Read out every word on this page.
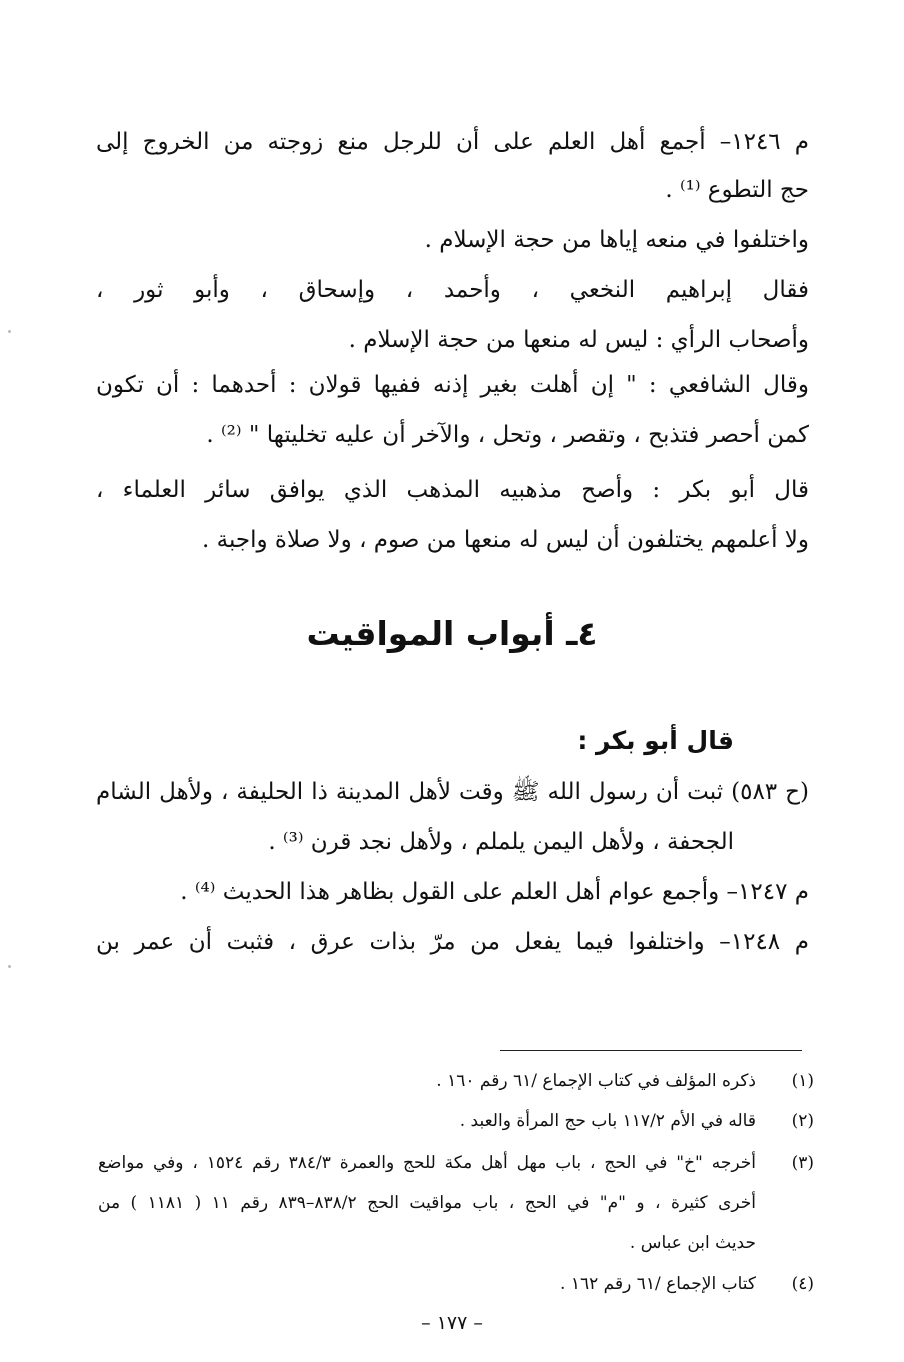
م ١٢٤٦– أجمع أهل العلم على أن للرجل منع زوجته من الخروج إلى
حج التطوع ⁽¹⁾ .
واختلفوا في منعه إياها من حجة الإسلام .
فقال إبراهيم النخعي ، وأحمد ، وإسحاق ، وأبو ثور ،
وأصحاب الرأي : ليس له منعها من حجة الإسلام .
وقال الشافعي : " إن أهلت بغير إذنه ففيها قولان : أحدهما : أن تكون
كمن أحصر فتذبح ، وتقصر ، وتحل ، والآخر أن عليه تخليتها " ⁽²⁾ .
قال أبو بكر : وأصح مذهبيه المذهب الذي يوافق سائر العلماء ،
ولا أعلمهم يختلفون أن ليس له منعها من صوم ، ولا صلاة واجبة .
٤ـ أبواب المواقيت
قال أبو بكر :
(ح ٥٨٣) ثبت أن رسول الله ﷺ وقت لأهل المدينة ذا الحليفة ، ولأهل الشام
الجحفة ، ولأهل اليمن يلملم ، ولأهل نجد قرن ⁽³⁾ .
م ١٢٤٧– وأجمع عوام أهل العلم على القول بظاهر هذا الحديث ⁽⁴⁾ .
م ١٢٤٨– واختلفوا فيما يفعل من مرّ بذات عرق ، فثبت أن عمر بن
(١)
ذكره المؤلف في كتاب الإجماع /٦١ رقم ١٦٠ .
(٢)
قاله في الأم ١١٧/٢ باب حج المرأة والعبد .
(٣)
أخرجه "خ" في الحج ، باب مهل أهل مكة للحج والعمرة ٣٨٤/٣ رقم ١٥٢٤ ، وفي مواضع
أخرى كثيرة ، و "م" في الحج ، باب مواقيت الحج ٨٣٨/٢–٨٣٩ رقم ١١ ( ١١٨١ ) من
حديث ابن عباس .
(٤)
كتاب الإجماع /٦١ رقم ١٦٢ .
– ١٧٧ –
